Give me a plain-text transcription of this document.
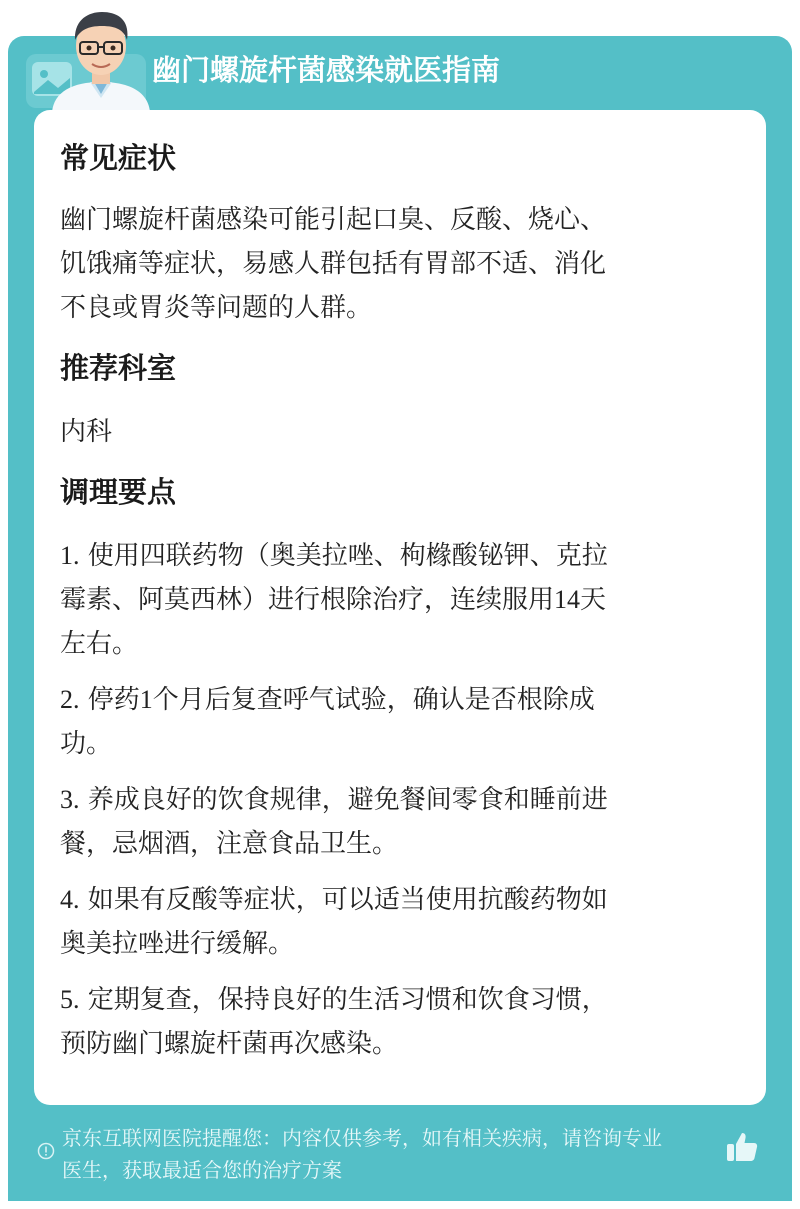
幽门螺旋杆菌感染就医指南
常见症状
幽门螺旋杆菌感染可能引起口臭、反酸、烧心、
饥饿痛等症状，易感人群包括有胃部不适、消化
不良或胃炎等问题的人群。
推荐科室
内科
调理要点
1. 使用四联药物（奥美拉唑、枸橼酸铋钾、克拉
霉素、阿莫西林）进行根除治疗，连续服用14天
左右。
2. 停药1个月后复查呼气试验，确认是否根除成
功。
3. 养成良好的饮食规律，避免餐间零食和睡前进
餐，忌烟酒，注意食品卫生。
4. 如果有反酸等症状，可以适当使用抗酸药物如
奥美拉唑进行缓解。
5. 定期复查，保持良好的生活习惯和饮食习惯，
预防幽门螺旋杆菌再次感染。
京东互联网医院提醒您：内容仅供参考，如有相关疾病，请咨询专业
医生，获取最适合您的治疗方案
